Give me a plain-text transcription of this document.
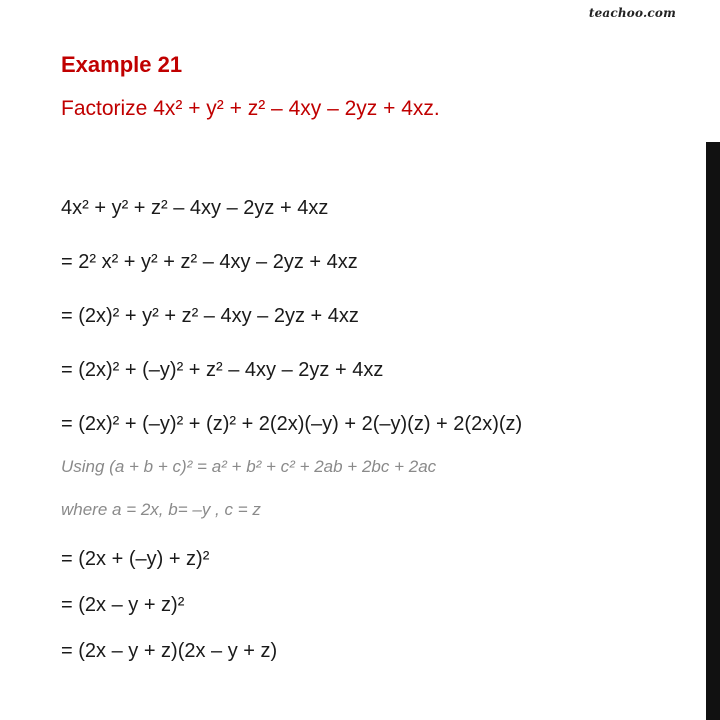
teachoo.com
Example 21
Factorize 4x² + y² + z² – 4xy – 2yz + 4xz.
4x² + y² + z² – 4xy – 2yz + 4xz
= 2² x² + y² + z² – 4xy – 2yz + 4xz
= (2x)² + y² + z² – 4xy – 2yz + 4xz
= (2x)² + (–y)² + z² – 4xy – 2yz + 4xz
= (2x)² + (–y)² + (z)² + 2(2x)(–y) + 2(–y)(z) + 2(2x)(z)
Using (a + b + c)² = a² + b² + c² + 2ab + 2bc + 2ac
where a = 2x, b= –y , c = z
= (2x + (–y) + z)²
= (2x – y + z)²
= (2x – y + z)(2x – y + z)
